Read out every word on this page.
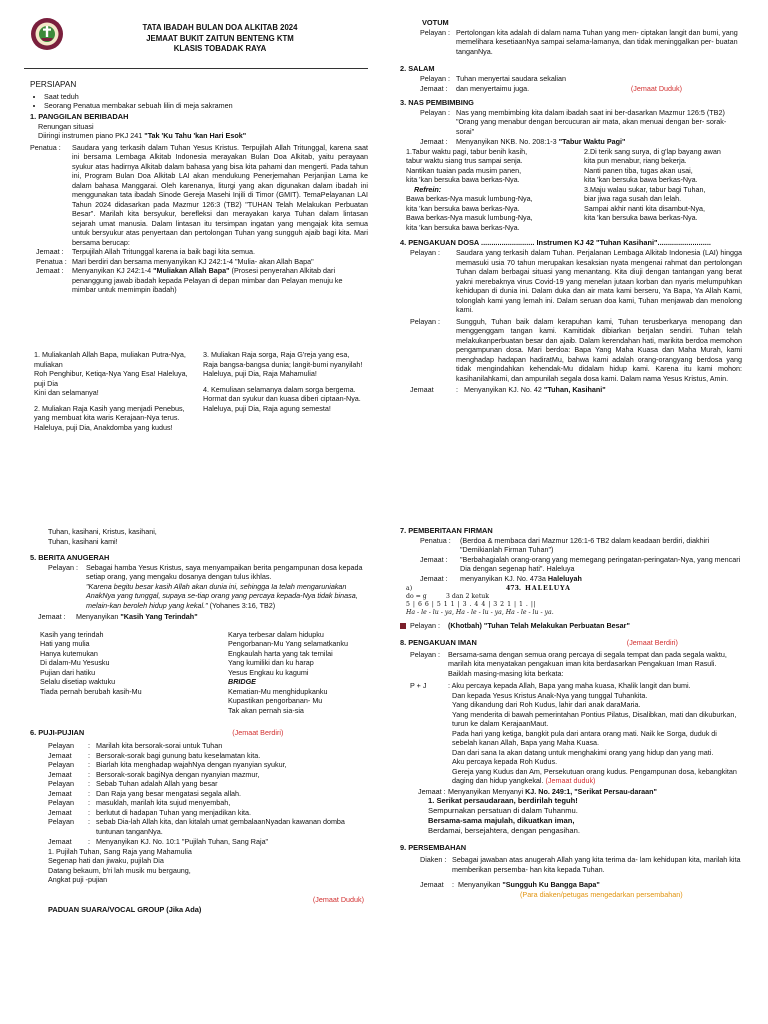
TATA IBADAH BULAN DOA ALKITAB 2024
JEMAAT BUKIT ZAITUN BENTENG KTM
KLASIS TOBADAK RAYA
PERSIAPAN
• Saat teduh
• Seorang Penatua membakar sebuah lilin di meja sakramen
1. PANGGILAN BERIBADAH
Renungan situasi
Diiringi instrumen piano PKJ 241 "Tak 'Ku Tahu 'kan Hari Esok"
Penatua :	Saudara yang terkasih dalam Tuhan Yesus Kristus. Terpujilah Allah Tritunggal, karena saat ini bersama Lembaga Alkitab Indonesia merayakan Bulan Doa Alkitab, yaitu perayaan syukur atas hadirnya Alkitab dalam bahasa yang bisa kita pahami dan mengerti. Pada tahun ini, Program Bulan Doa Alkitab LAI akan mendukung Penerjemahan Perjanjian Lama ke dalam bahasa Manggarai. Oleh karenanya, liturgi yang akan digunakan dalam ibadah ini menggunakan tata ibadah Sinode Gereja Masehi Injili di Timor (GMIT). TemaPelayanan LAI Tahun 2024 didasarkan pada Mazmur 126:3 (TB2) "TUHAN Telah Melakukan Perbuatan Besar". Marilah kita bersyukur, berefleksi dan merayakan karya Tuhan dalam lintasan sejarah umat manusia. Dalam lintasan itu tersimpan ingatan yang mengajak kita semua untuk bersyukur atas penyertaan dan pertolongan Tuhan yang sungguh ajaib bagi kita. Mari bersama berucap:
Jemaat :	Terpujilah Allah Tritunggal karena ia baik bagi kita semua.
Penatua : Mari berdiri dan bersama menyanyikan KJ 242:1-4 "Mulia- akan Allah Bapa"
Jemaat :	Menyanyikan KJ 242:1-4 "Muliakan Allah Bapa" (Prosesi penyerahan Alkitab dari penanggung jawab ibadah kepada Pelayan di depan mimbar dan Pelayan menuju ke mimbar untuk memimpin ibadah)
1. Muliakanlah Allah Bapa, muliakan Putra-Nya, muliakan
Roh Penghibur, Ketiqa-Nya Yang Esa! Haleluya, puji Dia
Kini dan selamanya!
2. Muliakan Raja Kasih yang menjadi Penebus,
yang membuat kita waris Kerajaan-Nya terus.
Haleluya, puji Dia, Anakdomba yang kudus!
3. Muliakan Raja sorga, Raja G'reja yang esa,
Raja bangsa-bangsa dunia; langit-bumi nyanyilah!
Haleluya, puji Dia, Raja Mahamulia!
4. Kemuliaan selamanya dalam sorga bergema.
Hormat dan syukur dan kuasa diberi ciptaan-Nya.
Haleluya, puji Dia, Raja agung semesta!
Tuhan, kasihani, Kristus, kasihani,
Tuhan, kasihani kami!
5. BERITA ANUGERAH
Pelayan :	Sebagai hamba Yesus Kristus, saya menyampaikan berita pengampunan dosa kepada setiap orang, yang mengaku dosanya dengan tulus ikhlas.
"Karena begitu besar kasih Allah akan dunia ini, sehingga Ia telah mengaruniakan AnakNya yang tunggal, supaya se-tiap orang yang percaya kepada-Nya tidak binasa, melain-kan beroleh hidup yang kekal." (Yohanes 3:16, TB2)
Jemaat :	Menyanyikan "Kasih Yang Terindah"
Kasih yang terindah
Hati yang mulia
Hanya kutemukan
Di dalam-Mu Yesusku
Pujian dari hatiku
Selalu disetiap waktuku
Tiada pernah berubah kasih-Mu
Karya terbesar dalam hidupku
Pengorbanan-Mu Yang selamatkanku
Engkaulah harta yang tak ternilai
Yang kumiliki dan ku harap
Yesus Engkau ku kagumi
BRIDGE
Kematian-Mu menghidupkanku
Kupastikan pengorbanan- Mu
Tak akan pernah sia-sia
6. PUJI-PUJIAN	(Jemaat Berdiri)
Pelayan	: Marilah kita bersorak-sorai untuk Tuhan
Jemaat	: Bersorak-sorak bagi gunung batu keselamatan kita.
Pelayan	: Biarlah kita menghadap wajahNya dengan nyanyian syukur,
Jemaat	: Bersorak-sorak bagiNya dengan nyanyian mazmur,
Pelayan	: Sebab Tuhan adalah Allah yang besar
Jemaat	: Dan Raja yang besar mengatasi segala allah.
Pelayan	: masuklah, marilah kita sujud menyembah,
Jemaat	: berlutut di hadapan Tuhan yang menjadikan kita.
Pelayan	: sebab Dia-lah Allah kita, dan kitalah umat gembalaanNyadan kawanan domba tuntunan tanganNya.
Jemaat	: Menyanyikan KJ. No. 10:1 "Pujilah Tuhan, Sang Raja"
1. Pujilah Tuhan, Sang Raja yang Mahamulia
Segenap hati dan jiwaku, pujilah Dia
Datang bekaum, b'ri lah musik mu bergaung,
Angkat puji -pujian
(Jemaat Duduk)
PADUAN SUARA/VOCAL GROUP (Jika Ada)
VOTUM
Pelayan : Pertolongan kita adalah di dalam nama Tuhan yang men- ciptakan langit dan bumi, yang memelihara kesetiaanNya sampai selama-lamanya, dan tidak meninggalkan per- buatan tanganNya.
2. SALAM
Pelayan : Tuhan menyertai saudara sekalian
Jemaat :	dan menyertaimu juga.	(Jemaat Duduk)
3. NAS PEMBIMBING
Pelayan : Nas yang membimbing kita dalam ibadah saat ini ber-dasarkan Mazmur 126:5 (TB2) "Orang yang menabur dengan bercucuran air mata, akan menuai dengan ber- sorak-sorai"
Jemaat :	Menyanyikan NKB. No. 208:1-3 "Tabur Waktu Pagi"
1.Tabur waktu pagi, tabur benih kasih,
tabur waktu siang trus sampai senja.
Nantikan tuaian pada musim panen,
kita 'kan bersuka bawa berkas-Nya.
Refrein:
Bawa berkas-Nya masuk lumbung-Nya,
kita 'kan bersuka bawa berkas-Nya.
Bawa berkas-Nya masuk lumbung-Nya,
kita 'kan bersuka bawa berkas-Nya.
2.Di terik sang surya, di g'lap bayang awan
kita pun menabur, riang bekerja.
Nanti panen tiba, tugas akan usai,
kita 'kan bersuka bawa berkas-Nya.
3.Maju walau sukar, tabur bagi Tuhan,
biar jiwa raga susah dan lelah.
Sampai akhir nanti kita disambut-Nya,
kita 'kan bersuka bawa berkas-Nya.
4. PENGAKUAN DOSA .......................... Instrumen KJ 42 "Tuhan Kasihani"..........................
Pelayan :	Saudara yang terkasih dalam Tuhan. Perjalanan Lembaga Alkitab Indonesia (LAI) hingga memasuki usia 70 tahun merupakan kesaksian nyata mengenai rahmat dan pertolongan Tuhan dalam berbagai situasi yang menantang. Kita diuji dengan tantangan yang berat yakni merebaknya virus Covid-19 yang menelan jutaan korban dan nyaris melumpuhkan kehidupan di dunia ini. Dalam duka dan air mata kami berseru, Ya Bapa, Ya Allah Kami, tolonglah kami yang lemah ini. Dalam seruan doa kami, Tuhan menjawab dan menolong kami.
Pelayan :	Sungguh, Tuhan baik dalam kerapuhan kami, Tuhan terusberkarya menopang dan menggenggam tangan kami. Kamitidak dibiarkan berjalan sendiri. Tuhan telah melakukanperbuatan besar dan ajaib. Dalam kerendahan hati, marikita berdoa memohon pengampunan dosa. Mari berdoa: Bapa Yang Maha Kuasa dan Maha Murah, kami menghadap hadapan hadiratMu, bahwa kami adalah orang-orangyang berdosa yang tidak mengindahkan kehendak-Mu didalam hidup kami. Karena itu kami mohon: kasihanilahkami, dan ampunilah segala dosa kami. Dalam nama Yesus Kristus, Amin.
Jemaat	: Menyanyikan KJ. No. 42 "Tuhan, Kasihani"
7. PEMBERITAAN FIRMAN
Penatua :	(Berdoa & membaca dari Mazmur 126:1-6 TB2 dalam keadaan berdiri, diakhiri "Demikianlah Firman Tuhan")
Jemaat :	"Berbahagialah orang-orang yang memegang peringatan-peringatan-Nya, yang mencari Dia dengan segenap hati". Haleluya
Jemaat :	menyanyikan KJ. No. 473a Haleluyah
a)	473.
HALELUYA
do = g	3 dan 2 ketuk
5 | 6 6 | 5 1 1 | 3 . 4 4 | 3 2 1 | 1 . ||
Ha - le - lu - ya, Ha - le - lu - ya, Ha - le - lu - ya.
Pelayan :	(Khotbah) "Tuhan Telah Melakukan Perbuatan Besar"
8. PENGAKUAN IMAN	(Jemaat Berdiri)
Pelayan :	Bersama-sama dengan semua orang percaya di segala tempat dan pada segala waktu, marilah kita menyatakan pengakuan iman kita berdasarkan Pengakuan Iman Rasuli. Baiklah masing-masing kita berkata:
P + J	: Aku percaya kepada Allah, Bapa yang maha kuasa, Khalik langit dan bumi.
Dan kepada Yesus Kristus Anak-Nya yang tunggal Tuhankita.
Yang dikandung dari Roh Kudus, lahir dari anak daraMaria.
Yang menderita di bawah pemerintahan Pontius Pilatus, Disalibkan, mati dan dikuburkan, turun ke dalam KerajaanMaut.
Pada hari yang ketiga, bangkit pula dari antara orang mati. Naik ke Sorga, duduk di sebelah kanan Allah, Bapa yang Maha Kuasa.
Dan dari sana Ia akan datang untuk menghakimi orang yang hidup dan yang mati.
Aku percaya kepada Roh Kudus.
Gereja yang Kudus dan Am, Persekutuan orang kudus. Pengampunan dosa, kebangkitan daging dan hidup yangkekal. (Jemaat duduk)
Jemaat : Menyanyikan Menyanyi KJ. No. 249:1, "Serikat Persau-daraan"
1. Serikat persaudaraan, berdirilah teguh!
Sempurnakan persatuan di dalam Tuhanmu.
Bersama-sama majulah, dikuatkan iman,
Berdamai, bersejahtera, dengan pengasihan.
9. PERSEMBAHAN
Diaken : Sebagai jawaban atas anugerah Allah yang kita terima da- lam kehidupan kita, marilah kita memberikan persemba- han kita kepada Tuhan.
Jemaat	: Menyanyikan "Sungguh Ku Bangga Bapa"
(Para diaken/petugas mengedarkan persembahan)
